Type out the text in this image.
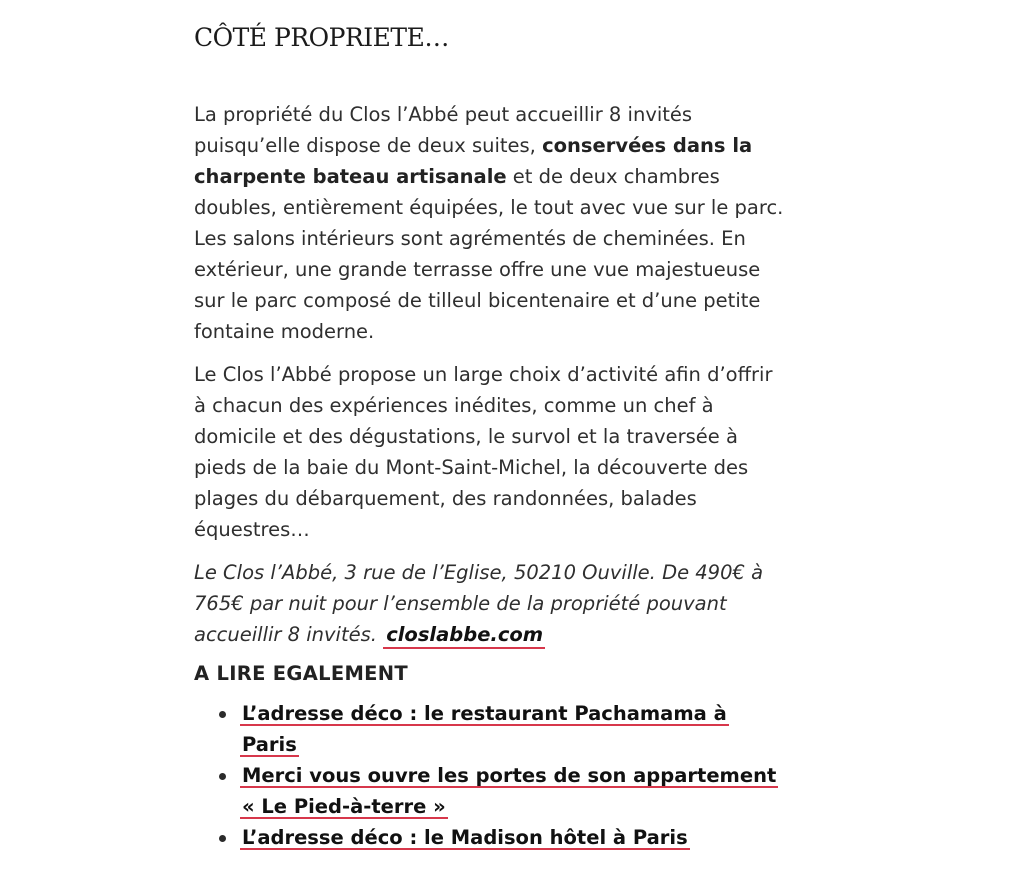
CÔTÉ PROPRIETE…

La propriété du Clos l’Abbé peut accueillir 8 invités puisqu’elle dispose de deux suites, conservées dans la charpente bateau artisanale et de deux chambres doubles, entièrement équipées, le tout avec vue sur le parc. Les salons intérieurs sont agrémentés de cheminées. En extérieur, une grande terrasse offre une vue majestueuse sur le parc composé de tilleul bicentenaire et d’une petite fontaine moderne.

Le Clos l’Abbé propose un large choix d’activité afin d’offrir à chacun des expériences inédites, comme un chef à domicile et des dégustations, le survol et la traversée à pieds de la baie du Mont-Saint-Michel, la découverte des plages du débarquement, des randonnées, balades équestres…

Le Clos l’Abbé, 3 rue de l’Eglise, 50210 Ouville. De 490€ à 765€ par nuit pour l’ensemble de la propriété pouvant accueillir 8 invités. closlabbe.com

A LIRE EGALEMENT
L’adresse déco : le restaurant Pachamama à Paris
Merci vous ouvre les portes de son appartement « Le Pied-à-terre »
L’adresse déco : le Madison hôtel à Paris
